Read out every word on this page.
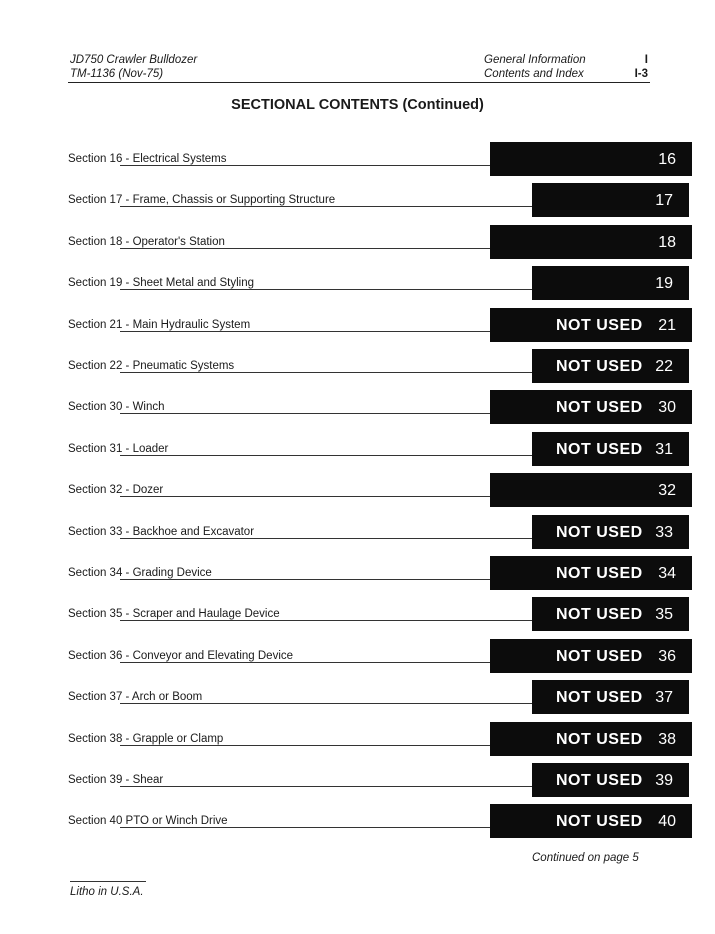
JD750 Crawler Bulldozer
TM-1136 (Nov-75)
General Information
Contents and Index
I
I-3
SECTIONAL CONTENTS (Continued)
Section 16 - Electrical Systems	16
Section 17 - Frame, Chassis or Supporting Structure	17
Section 18 - Operator's Station	18
Section 19 - Sheet Metal and Styling	19
Section 21 - Main Hydraulic System	NOT USED 21
Section 22 - Pneumatic Systems	NOT USED 22
Section 30 - Winch	NOT USED 30
Section 31 - Loader	NOT USED 31
Section 32 - Dozer	32
Section 33 - Backhoe and Excavator	NOT USED 33
Section 34 - Grading Device	NOT USED 34
Section 35 - Scraper and Haulage Device	NOT USED 35
Section 36 - Conveyor and Elevating Device	NOT USED 36
Section 37 - Arch or Boom	NOT USED 37
Section 38 - Grapple or Clamp	NOT USED 38
Section 39 - Shear	NOT USED 39
Section 40 PTO or Winch Drive	NOT USED 40
Continued on page 5
Litho in U.S.A.
